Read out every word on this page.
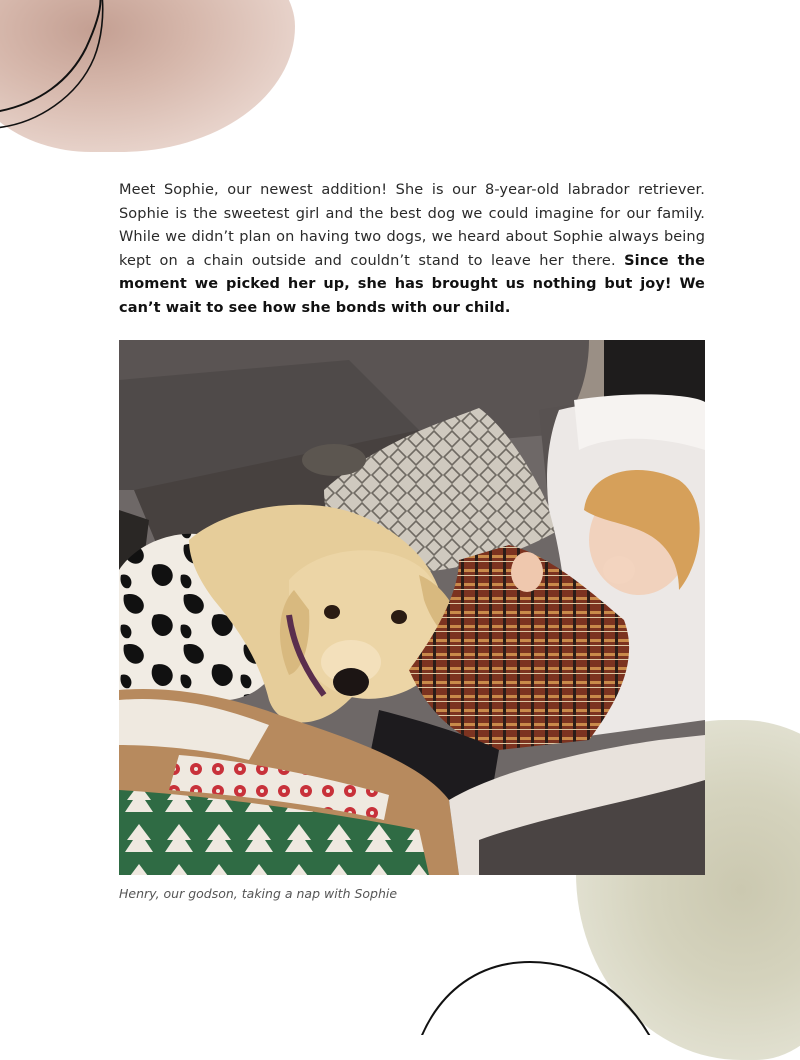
Meet Sophie, our newest addition! She is our 8-year-old labrador retriever. Sophie is the sweetest girl and the best dog we could imagine for our family. While we didn’t plan on having two dogs, we heard about Sophie always being kept on a chain outside and couldn’t stand to leave her there. Since the moment we picked her up, she has brought us nothing but joy! We can’t wait to see how she bonds with our child.

Henry, our godson, taking a nap with Sophie
